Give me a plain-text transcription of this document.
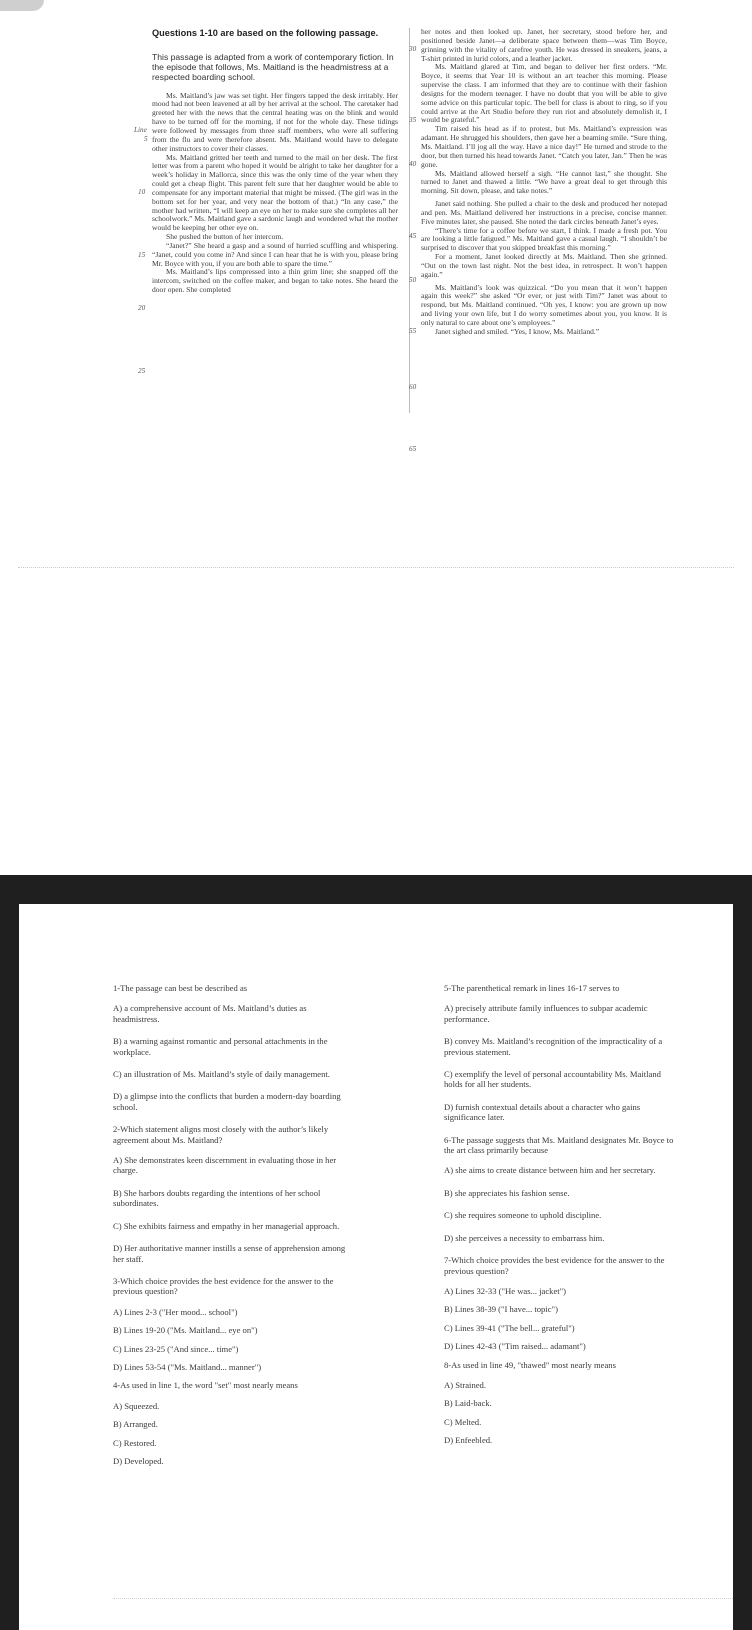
Questions 1-10 are based on the following passage.
This passage is adapted from a work of contemporary fiction. In the episode that follows, Ms. Maitland is the headmistress at a respected boarding school.

Ms. Maitland’s jaw was set tight. Her fingers tapped the desk irritably. Her mood had not been leavened at all by her arrival at the school. The caretaker had greeted her with the news that the central heating was on the blink and would have to be turned off for the morning, if not for the whole day. These tidings were followed by messages from three staff members, who were all suffering from the flu and were therefore absent. Ms. Maitland would have to delegate other instructors to cover their classes.

Ms. Maitland gritted her teeth and turned to the mail on her desk. The first letter was from a parent who hoped it would be alright to take her daughter for a week’s holiday in Mallorca, since this was the only time of the year when they could get a cheap flight. This parent felt sure that her daughter would be able to compensate for any important material that might be missed. (The girl was in the bottom set for her year, and very near the bottom of that.) “In any case,” the mother had written, “I will keep an eye on her to make sure she completes all her schoolwork.” Ms. Maitland gave a sardonic laugh and wondered what the mother would be keeping her other eye on.

She pushed the button of her intercom.

“Janet?” She heard a gasp and a sound of hurried scuffling and whispering. “Janet, could you come in? And since I can hear that he is with you, please bring Mr. Boyce with you, if you are both able to spare the time.”

Ms. Maitland’s lips compressed into a thin grim line; she snapped off the intercom, switched on the coffee maker, and began to take notes. She heard the door open. She completed

Line
5
10
15
20
25

her notes and then looked up. Janet, her secretary, stood before her, and positioned beside Janet—a deliberate space between them—was Tim Boyce, grinning with the vitality of carefree youth. He was dressed in sneakers, jeans, a T-shirt printed in lurid colors, and a leather jacket.

Ms. Maitland glared at Tim, and began to deliver her first orders. “Mr. Boyce, it seems that Year 10 is without an art teacher this morning. Please supervise the class. I am informed that they are to continue with their fashion designs for the modern teenager. I have no doubt that you will be able to give some advice on this particular topic. The bell for class is about to ring, so if you could arrive at the Art Studio before they run riot and absolutely demolish it, I would be grateful.”

Tim raised his head as if to protest, but Ms. Maitland’s expression was adamant. He shrugged his shoulders, then gave her a beaming smile. “Sure thing, Ms. Maitland. I’ll jog all the way. Have a nice day!” He turned and strode to the door, but then turned his head towards Janet. “Catch you later, Jan.” Then he was gone.

Ms. Maitland allowed herself a sigh. “He cannot last,” she thought. She turned to Janet and thawed a little. “We have a great deal to get through this morning. Sit down, please, and take notes.”

Janet said nothing. She pulled a chair to the desk and produced her notepad and pen. Ms. Maitland delivered her instructions in a precise, concise manner. Five minutes later, she paused. She noted the dark circles beneath Janet’s eyes.

“There’s time for a coffee before we start, I think. I made a fresh pot. You are looking a little fatigued.” Ms. Maitland gave a casual laugh. “I shouldn’t be surprised to discover that you skipped breakfast this morning.”

For a moment, Janet looked directly at Ms. Maitland. Then she grinned. “Out on the town last night. Not the best idea, in retrospect. It won’t happen again.”

Ms. Maitland’s look was quizzical. “Do you mean that it won’t happen again this week?” she asked “Or ever, or just with Tim?” Janet was about to respond, but Ms. Maitland continued. “Oh yes, I know: you are grown up now and living your own life, but I do worry sometimes about you, you know. It is only natural to care about one’s employees.”

Janet sighed and smiled. “Yes, I know, Ms. Maitland.”

30
35
40
45
50
55
60
65
1-The passage can best be described as
A) a comprehensive account of Ms. Maitland’s duties as headmistress.
B) a warning against romantic and personal attachments in the workplace.
C) an illustration of Ms. Maitland’s style of daily management.
D) a glimpse into the conflicts that burden a modern-day boarding school.
2-Which statement aligns most closely with the author’s likely agreement about Ms. Maitland?
A) She demonstrates keen discernment in evaluating those in her charge.
B) She harbors doubts regarding the intentions of her school subordinates.
C) She exhibits fairness and empathy in her managerial approach.
D) Her authoritative manner instills a sense of apprehension among her staff.
3-Which choice provides the best evidence for the answer to the previous question?
A) Lines 2-3 ("Her mood... school")
B) Lines 19-20 ("Ms. Maitland... eye on")
C) Lines 23-25 ("And since... time")
D) Lines 53-54 ("Ms. Maitland... manner")
4-As used in line 1, the word "set" most nearly means
A) Squeezed.
B) Arranged.
C) Restored.
D) Developed.
5-The parenthetical remark in lines 16-17 serves to
A) precisely attribute family influences to subpar academic performance.
B) convey Ms. Maitland’s recognition of the impracticality of a previous statement.
C) exemplify the level of personal accountability Ms. Maitland holds for all her students.
D) furnish contextual details about a character who gains significance later.
6-The passage suggests that Ms. Maitland designates Mr. Boyce to the art class primarily because
A) she aims to create distance between him and her secretary.
B) she appreciates his fashion sense.
C) she requires someone to uphold discipline.
D) she perceives a necessity to embarrass him.
7-Which choice provides the best evidence for the answer to the previous question?
A) Lines 32-33 ("He was... jacket")
B) Lines 38-39 ("I have... topic")
C) Lines 39-41 ("The bell... grateful")
D) Lines 42-43 ("Tim raised... adamant")
8-As used in line 49, "thawed" most nearly means
A) Strained.
B) Laid-back.
C) Melted.
D) Enfeebled.
